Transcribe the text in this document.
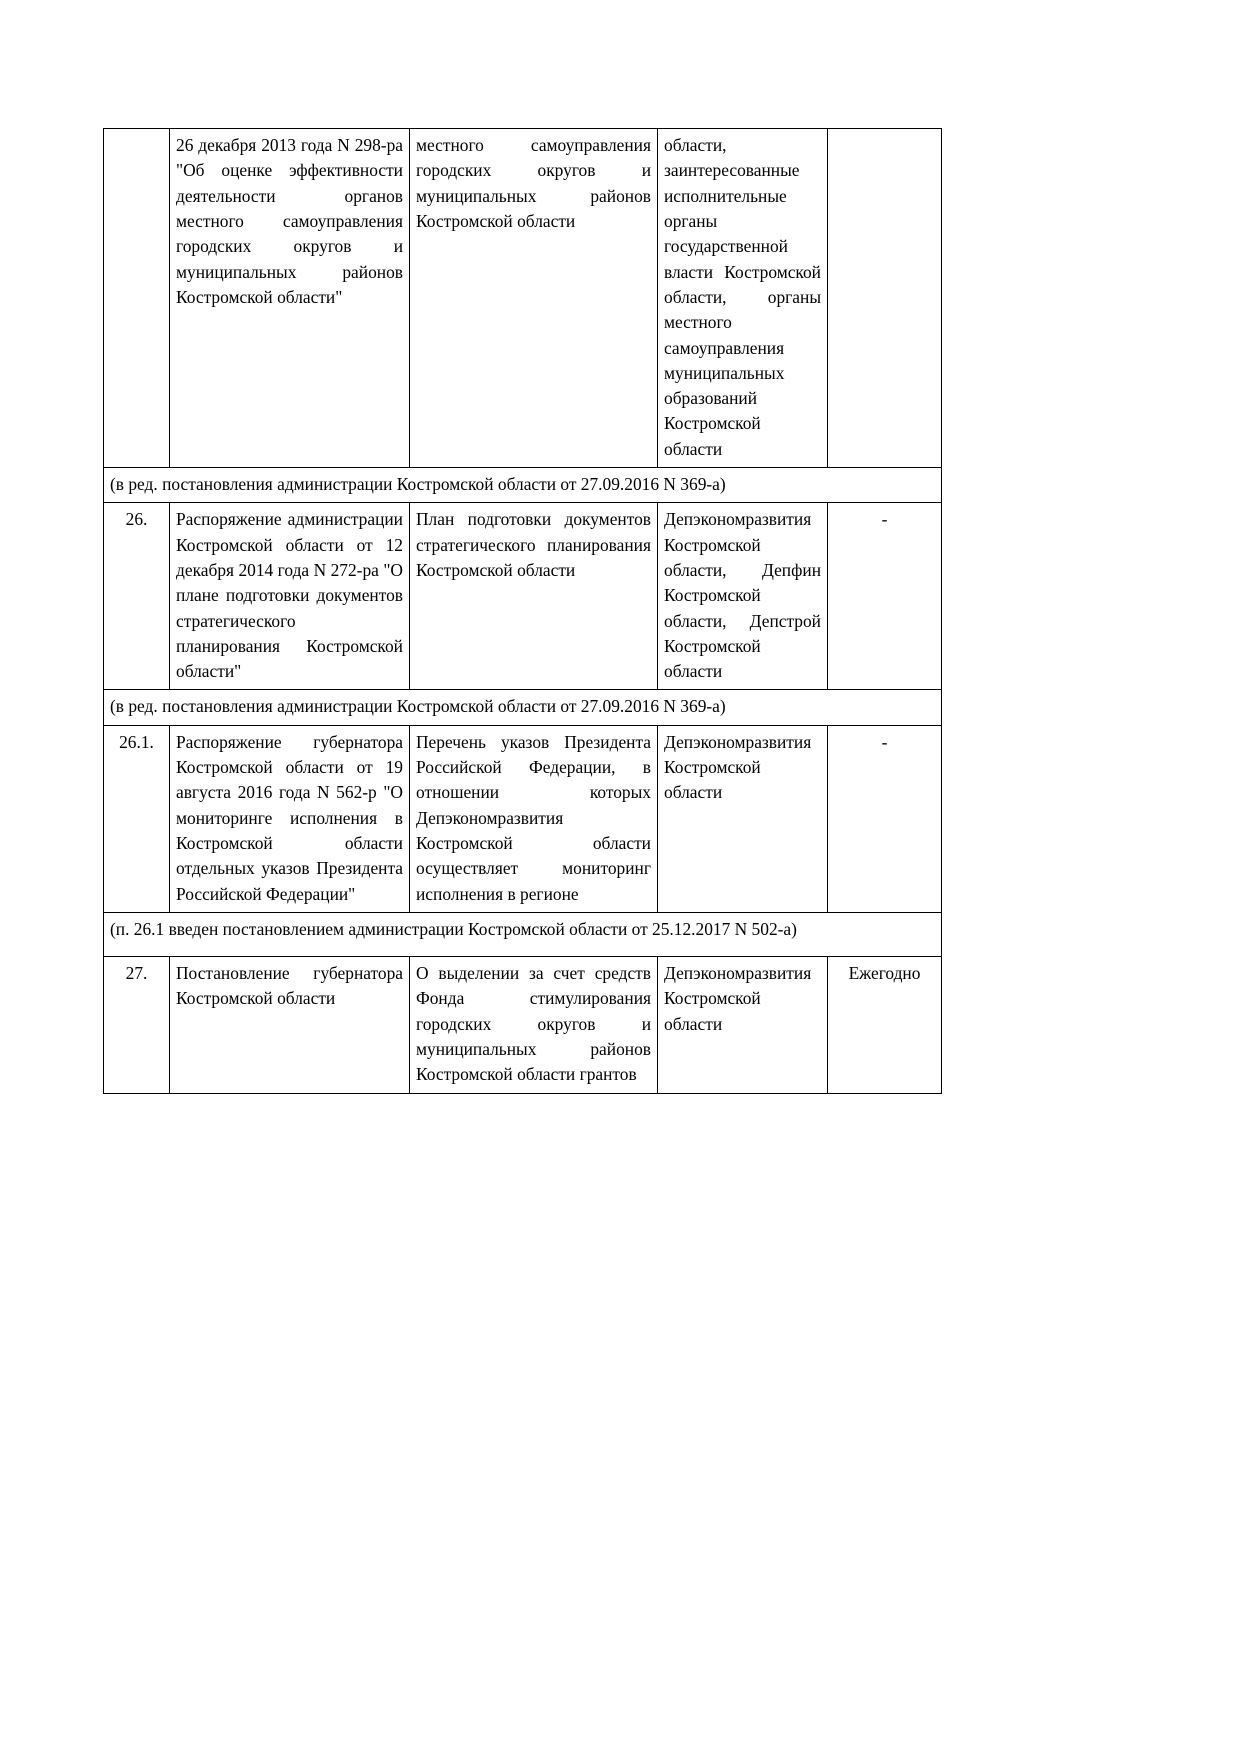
	26 декабря 2013 года N 298-ра "Об оценке эффективности деятельности органов местного самоуправления городских округов и муниципальных районов Костромской области"	местного самоуправления городских округов и муниципальных районов Костромской области	области, заинтересованные исполнительные органы государственной власти Костромской области, органы местного самоуправления муниципальных образований Костромской области	
(в ред. постановления администрации Костромской области от 27.09.2016 N 369-а)				
26.	Распоряжение администрации Костромской области от 12 декабря 2014 года N 272-ра "О плане подготовки документов стратегического планирования Костромской области"	План подготовки документов стратегического планирования Костромской области	Депэкономразвития Костромской области, Депфин Костромской области, Депстрой Костромской области	-
(в ред. постановления администрации Костромской области от 27.09.2016 N 369-а)				
26.1.	Распоряжение губернатора Костромской области от 19 августа 2016 года N 562-р "О мониторинге исполнения в Костромской области отдельных указов Президента Российской Федерации"	Перечень указов Президента Российской Федерации, в отношении которых Депэкономразвития Костромской области осуществляет мониторинг исполнения в регионе	Депэкономразвития Костромской области	-
(п. 26.1 введен постановлением администрации Костромской области от 25.12.2017 N 502-а)				
27.	Постановление губернатора Костромской области	О выделении за счет средств Фонда стимулирования городских округов и муниципальных районов Костромской области грантов	Депэкономразвития Костромской области	Ежегодно
